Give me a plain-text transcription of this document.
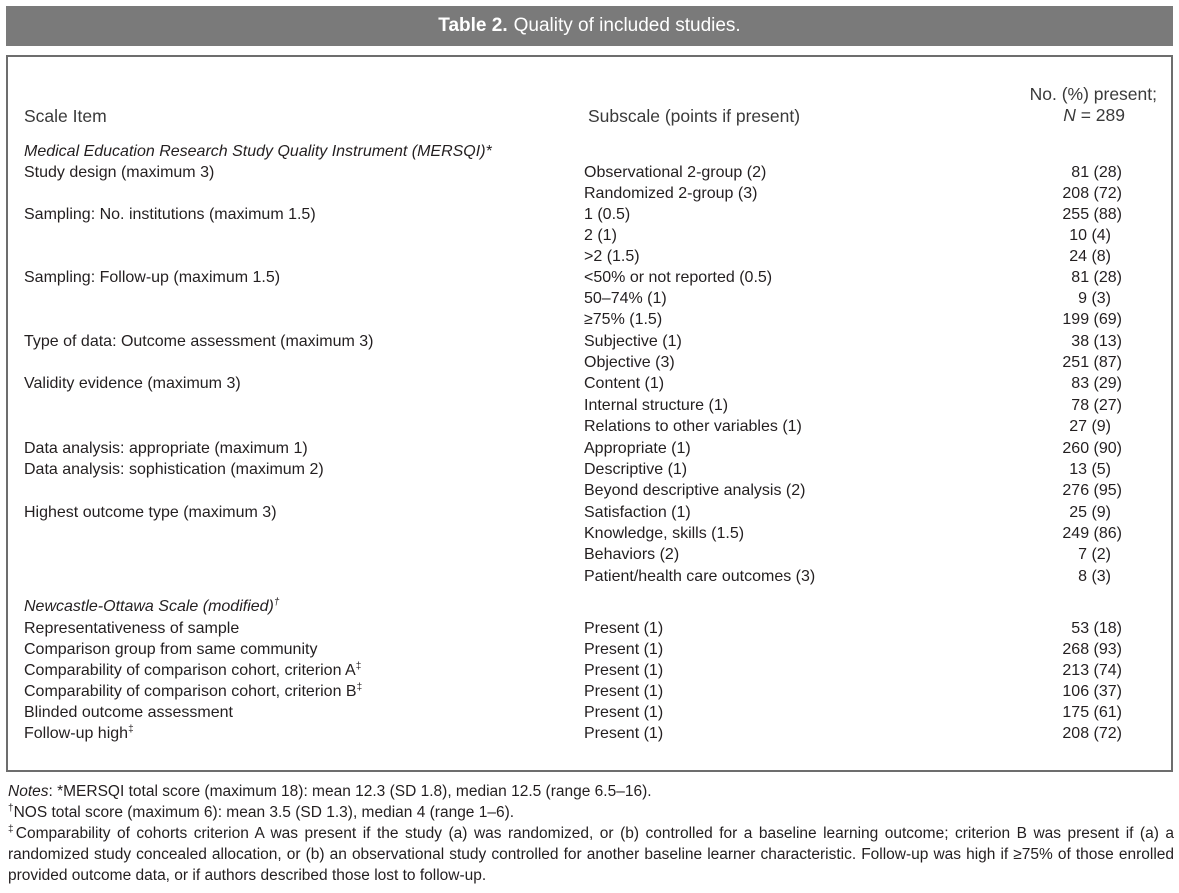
Table 2. Quality of included studies.
Scale Item	Subscale (points if present)
No. (%) present;
N = 289
Medical Education Research Study Quality Instrument (MERSQI)*
Study design (maximum 3)	Observational 2-group (2)	81 (28)
Randomized 2-group (3)	208 (72)
Sampling: No. institutions (maximum 1.5)	1 (0.5)	255 (88)
2 (1)	10 (4)
>2 (1.5)	24 (8)
Sampling: Follow-up (maximum 1.5)	<50% or not reported (0.5)	81 (28)
50–74% (1)	9 (3)
≥75% (1.5)	199 (69)
Type of data: Outcome assessment (maximum 3)	Subjective (1)	38 (13)
Objective (3)	251 (87)
Validity evidence (maximum 3)	Content (1)	83 (29)
Internal structure (1)	78 (27)
Relations to other variables (1)	27 (9)
Data analysis: appropriate (maximum 1)	Appropriate (1)	260 (90)
Data analysis: sophistication (maximum 2)	Descriptive (1)	13 (5)
Beyond descriptive analysis (2)	276 (95)
Highest outcome type (maximum 3)	Satisfaction (1)	25 (9)
Knowledge, skills (1.5)	249 (86)
Behaviors (2)	7 (2)
Patient/health care outcomes (3)	8 (3)
Newcastle-Ottawa Scale (modified)†
Representativeness of sample	Present (1)	53 (18)
Comparison group from same community	Present (1)	268 (93)
Comparability of comparison cohort, criterion A‡	Present (1)	213 (74)
Comparability of comparison cohort, criterion B‡	Present (1)	106 (37)
Blinded outcome assessment	Present (1)	175 (61)
Follow-up high‡	Present (1)	208 (72)

Notes: *MERSQI total score (maximum 18): mean 12.3 (SD 1.8), median 12.5 (range 6.5–16).

†NOS total score (maximum 6): mean 3.5 (SD 1.3), median 4 (range 1–6).

‡Comparability of cohorts criterion A was present if the study (a) was randomized, or (b) controlled for a baseline learning outcome; criterion B was present if (a) a randomized study concealed allocation, or (b) an observational study controlled for another baseline learner characteristic. Follow-up was high if ≥75% of those enrolled provided outcome data, or if authors described those lost to follow-up.
